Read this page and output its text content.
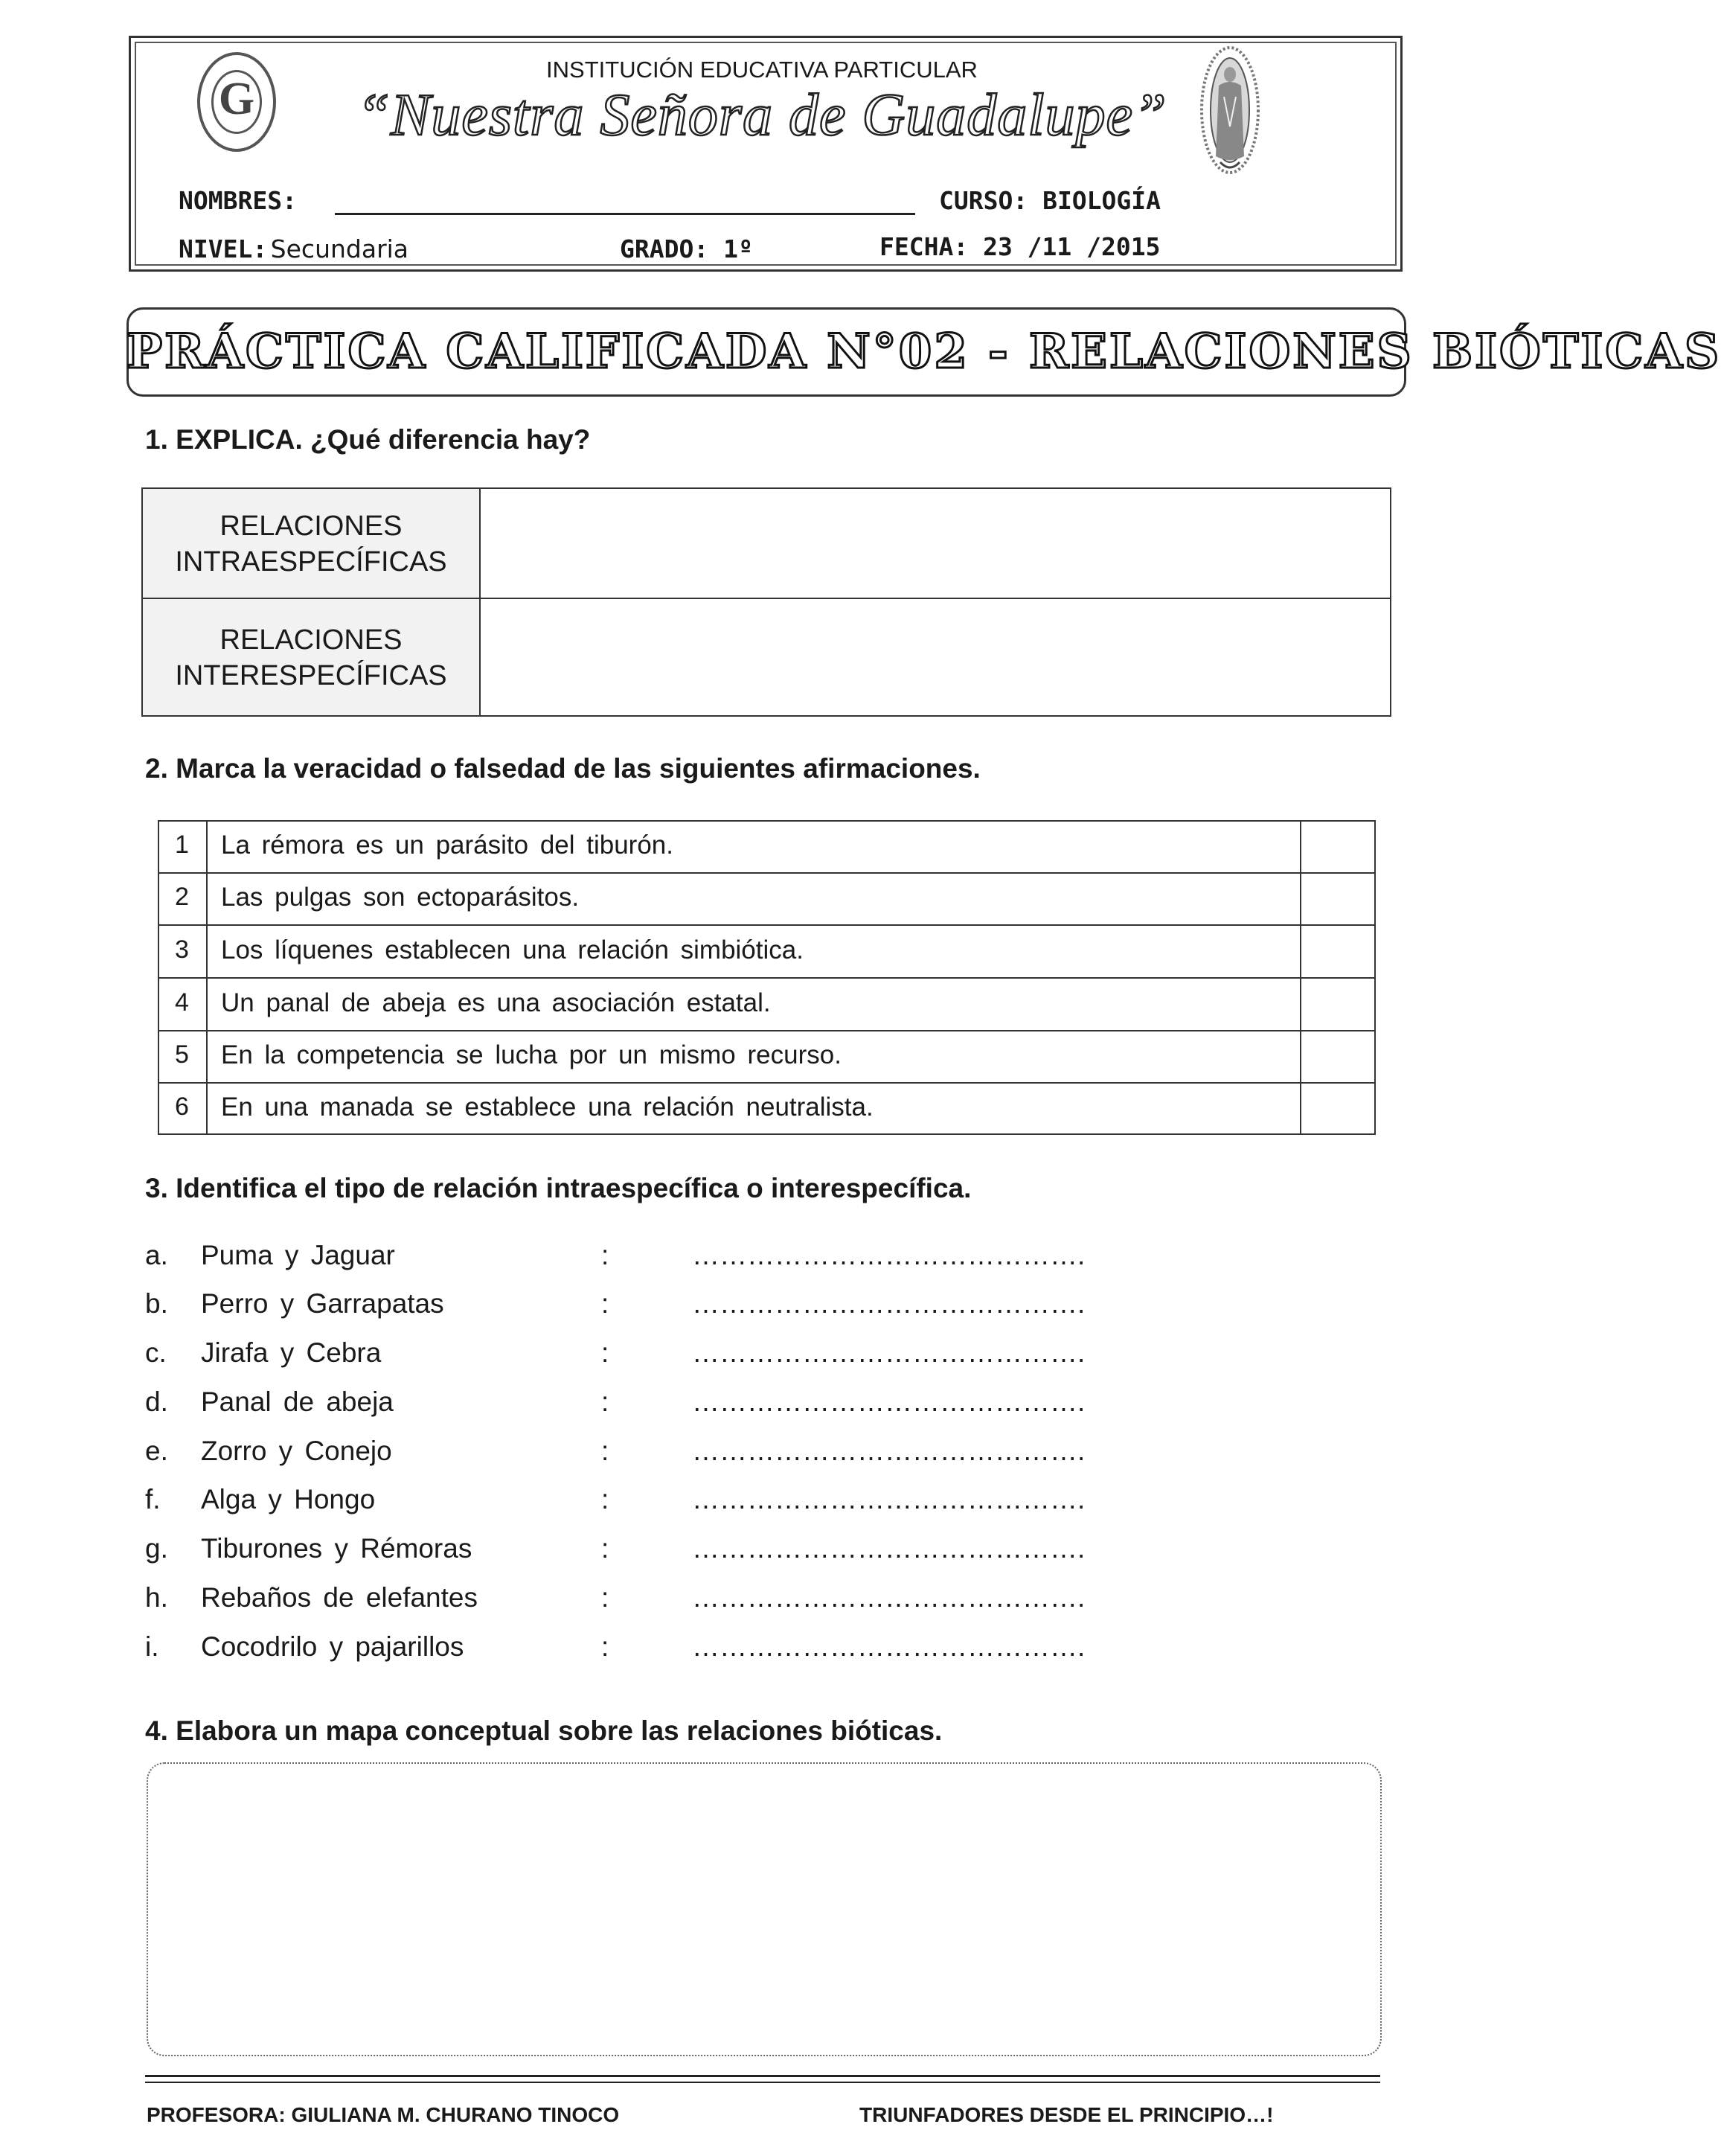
G
INSTITUCIÓN EDUCATIVA PARTICULAR
“Nuestra Señora de Guadalupe”
NOMBRES:	CURSO: BIOLOGÍA
NIVEL: Secundaria	GRADO: 1º	FECHA: 23 /11 /2015
PRÁCTICA CALIFICADA N°02 - RELACIONES BIÓTICAS
1. EXPLICA. ¿Qué diferencia hay?
RELACIONES
INTRAESPECÍFICAS
RELACIONES
INTERESPECÍFICAS
2. Marca la veracidad o falsedad de las siguientes afirmaciones.
1	La rémora es un parásito del tiburón.
2	Las pulgas son ectoparásitos.
3	Los líquenes establecen una relación simbiótica.
4	Un panal de abeja es una asociación estatal.
5	En la competencia se lucha por un mismo recurso.
6	En una manada se establece una relación neutralista.
3. Identifica el tipo de relación intraespecífica o interespecífica.
a. Puma y Jaguar	:	…………………………………….
b. Perro y Garrapatas	:	…………………………………….
c. Jirafa y Cebra	:	…………………………………….
d. Panal de abeja	:	…………………………………….
e. Zorro y Conejo	:	…………………………………….
f. Alga y Hongo	:	…………………………………….
g. Tiburones y Rémoras	:	…………………………………….
h. Rebaños de elefantes	:	…………………………………….
i. Cocodrilo y pajarillos	:	…………………………………….
4. Elabora un mapa conceptual sobre las relaciones bióticas.
PROFESORA: GIULIANA M. CHURANO TINOCO	TRIUNFADORES DESDE EL PRINCIPIO…!
